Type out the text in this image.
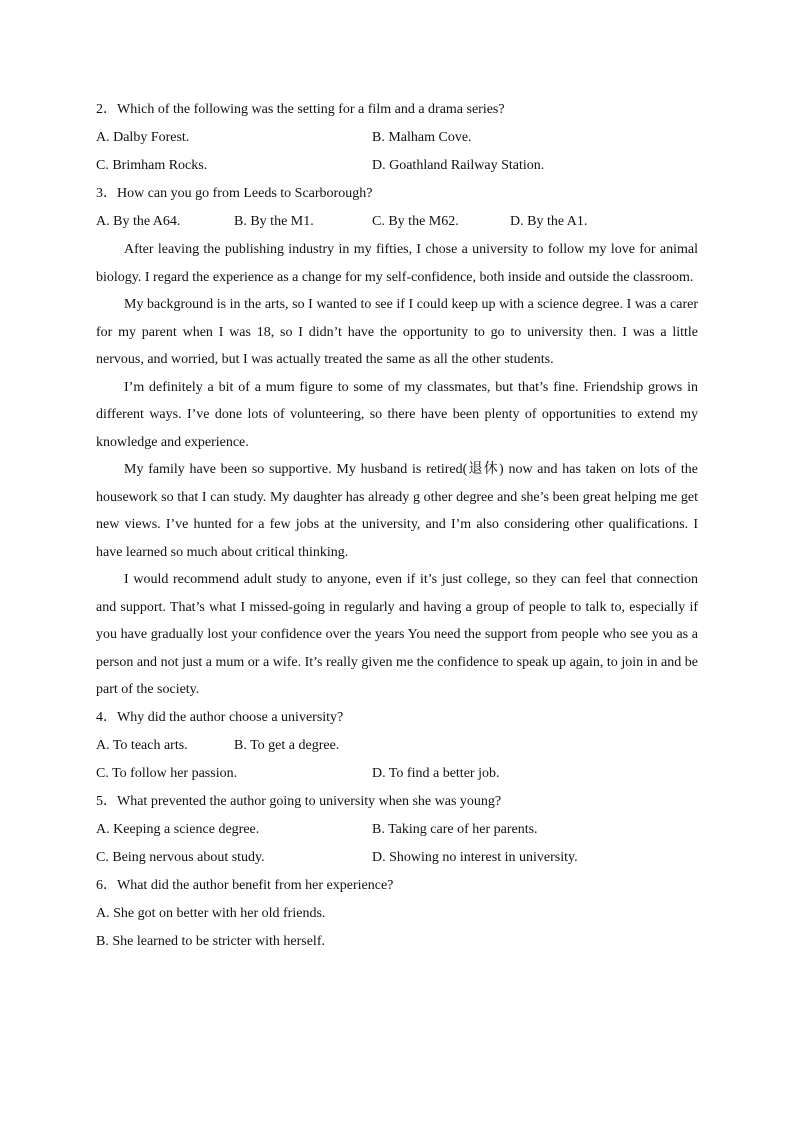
2．Which of the following was the setting for a film and a drama series?
A. Dalby Forest.	B. Malham Cove.
C. Brimham Rocks.	D. Goathland Railway Station.
3．How can you go from Leeds to Scarborough?
A. By the A64.	B. By the M1.	C. By the M62.	D. By the A1.

After leaving the publishing industry in my fifties, I chose a university to follow my love for animal biology. I regard the experience as a change for my self-confidence, both inside and outside the classroom.

My background is in the arts, so I wanted to see if I could keep up with a science degree. I was a carer for my parent when I was 18, so I didn’t have the opportunity to go to university then. I was a little nervous, and worried, but I was actually treated the same as all the other students.

I’m definitely a bit of a mum figure to some of my classmates, but that’s fine. Friendship grows in different ways. I’ve done lots of volunteering, so there have been plenty of opportunities to extend my knowledge and experience.

My family have been so supportive. My husband is retired(退休) now and has taken on lots of the housework so that I can study. My daughter has already g other degree and she’s been great helping me get new views. I’ve hunted for a few jobs at the university, and I’m also considering other qualifications. I have learned so much about critical thinking.

I would recommend adult study to anyone, even if it’s just college, so they can feel that connection and support. That’s what I missed-going in regularly and having a group of people to talk to, especially if you have gradually lost your confidence over the years You need the support from people who see you as a person and not just a mum or a wife. It’s really given me the confidence to speak up again, to join in and be part of the society.

4．Why did the author choose a university?
A. To teach arts.	B. To get a degree.
C. To follow her passion.	D. To find a better job.
5．What prevented the author going to university when she was young?
A. Keeping a science degree.	B. Taking care of her parents.
C. Being nervous about study.	D. Showing no interest in university.
6．What did the author benefit from her experience?
A. She got on better with her old friends.
B. She learned to be stricter with herself.
